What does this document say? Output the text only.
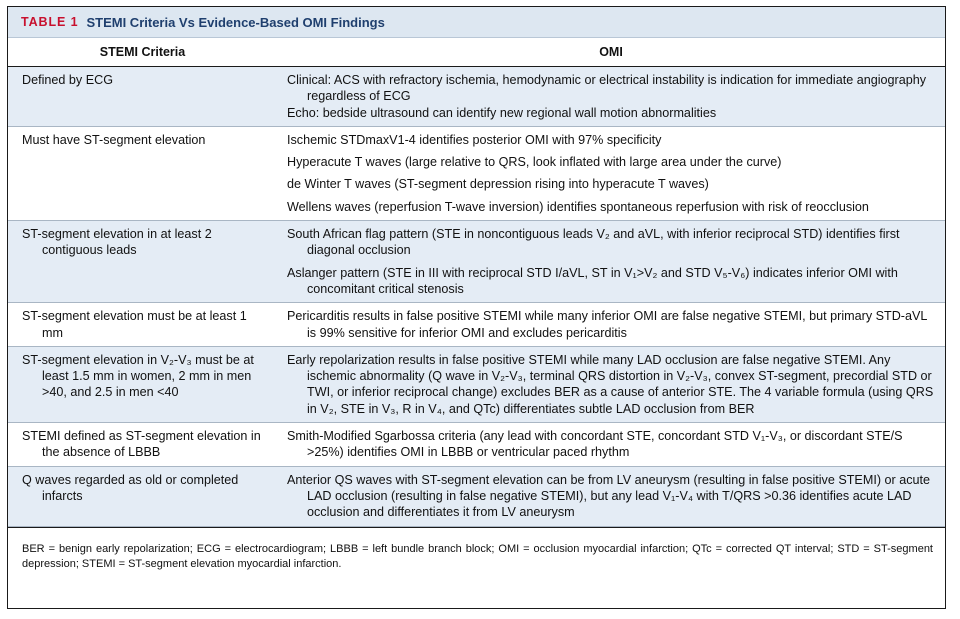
TABLE 1 STEMI Criteria Vs Evidence-Based OMI Findings
STEMI Criteria	OMI

Defined by ECG	Clinical: ACS with refractory ischemia, hemodynamic or electrical instability is indication for immediate angiography regardless of ECG
Echo: bedside ultrasound can identify new regional wall motion abnormalities

Must have ST-segment elevation	Ischemic STDmaxV1-4 identifies posterior OMI with 97% specificity
Hyperacute T waves (large relative to QRS, look inflated with large area under the curve)
de Winter T waves (ST-segment depression rising into hyperacute T waves)
Wellens waves (reperfusion T-wave inversion) identifies spontaneous reperfusion with risk of reocclusion

ST-segment elevation in at least 2 contiguous leads	South African flag pattern (STE in noncontiguous leads V₂ and aVL, with inferior reciprocal STD) identifies first diagonal occlusion
Aslanger pattern (STE in III with reciprocal STD I/aVL, ST in V₁>V₂ and STD V₅-V₆) indicates inferior OMI with concomitant critical stenosis

ST-segment elevation must be at least 1 mm	Pericarditis results in false positive STEMI while many inferior OMI are false negative STEMI, but primary STD-aVL is 99% sensitive for inferior OMI and excludes pericarditis

ST-segment elevation in V₂-V₃ must be at least 1.5 mm in women, 2 mm in men >40, and 2.5 in men <40	Early repolarization results in false positive STEMI while many LAD occlusion are false negative STEMI. Any ischemic abnormality (Q wave in V₂-V₃, terminal QRS distortion in V₂-V₃, convex ST-segment, precordial STD or TWI, or inferior reciprocal change) excludes BER as a cause of anterior STE. The 4 variable formula (using QRS in V₂, STE in V₃, R in V₄, and QTc) differentiates subtle LAD occlusion from BER

STEMI defined as ST-segment elevation in the absence of LBBB	Smith-Modified Sgarbossa criteria (any lead with concordant STE, concordant STD V₁-V₃, or discordant STE/S >25%) identifies OMI in LBBB or ventricular paced rhythm

Q waves regarded as old or completed infarcts	Anterior QS waves with ST-segment elevation can be from LV aneurysm (resulting in false positive STEMI) or acute LAD occlusion (resulting in false negative STEMI), but any lead V₁-V₄ with T/QRS >0.36 identifies acute LAD occlusion and differentiates it from LV aneurysm
BER = benign early repolarization; ECG = electrocardiogram; LBBB = left bundle branch block; OMI = occlusion myocardial infarction; QTc = corrected QT interval; STD = ST-segment depression; STEMI = ST-segment elevation myocardial infarction.
